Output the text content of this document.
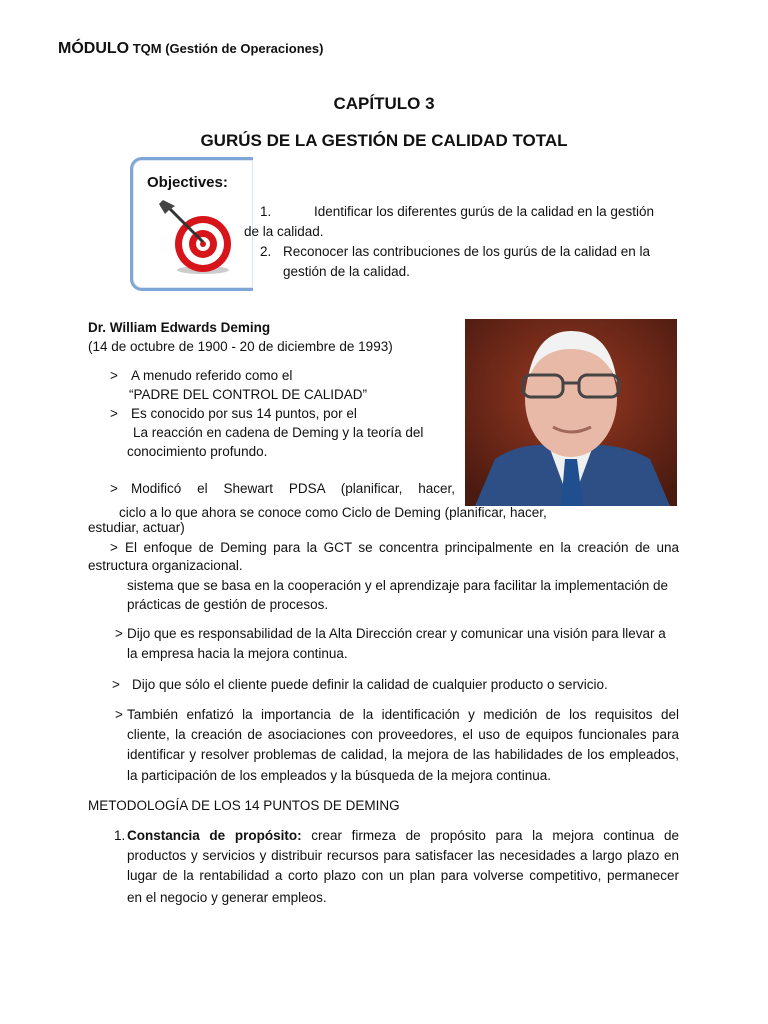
MÓDULO TQM (Gestión de Operaciones)
CAPÍTULO 3
GURÚS DE LA GESTIÓN DE CALIDAD TOTAL
Objectives:
1.	Identificar los diferentes gurús de la calidad en la gestión
de la calidad.
2. Reconocer las contribuciones de los gurús de la calidad en la
gestión de la calidad.
Dr. William Edwards Deming
(14 de octubre de 1900 - 20 de diciembre de 1993)
> A menudo referido como el
“PADRE DEL CONTROL DE CALIDAD”
> Es conocido por sus 14 puntos, por el
La reacción en cadena de Deming y la teoría del
conocimiento profundo.
> Modificó el Shewart PDSA (planificar, hacer,
ciclo a lo que ahora se conoce como Ciclo de Deming (planificar, hacer,
estudiar, actuar)
> El enfoque de Deming para la GCT se concentra principalmente en la creación de una
estructura organizacional.
sistema que se basa en la cooperación y el aprendizaje para facilitar la implementación de
prácticas de gestión de procesos.
> Dijo que es responsabilidad de la Alta Dirección crear y comunicar una visión para llevar a
la empresa hacia la mejora continua.
> Dijo que sólo el cliente puede definir la calidad de cualquier producto o servicio.
> También enfatizó la importancia de la identificación y medición de los requisitos del
cliente, la creación de asociaciones con proveedores, el uso de equipos funcionales para
identificar y resolver problemas de calidad, la mejora de las habilidades de los empleados,
la participación de los empleados y la búsqueda de la mejora continua.
METODOLOGÍA DE LOS 14 PUNTOS DE DEMING
1. Constancia de propósito: crear firmeza de propósito para la mejora continua de
productos y servicios y distribuir recursos para satisfacer las necesidades a largo plazo en
lugar de la rentabilidad a corto plazo con un plan para volverse competitivo, permanecer
en el negocio y generar empleos.
